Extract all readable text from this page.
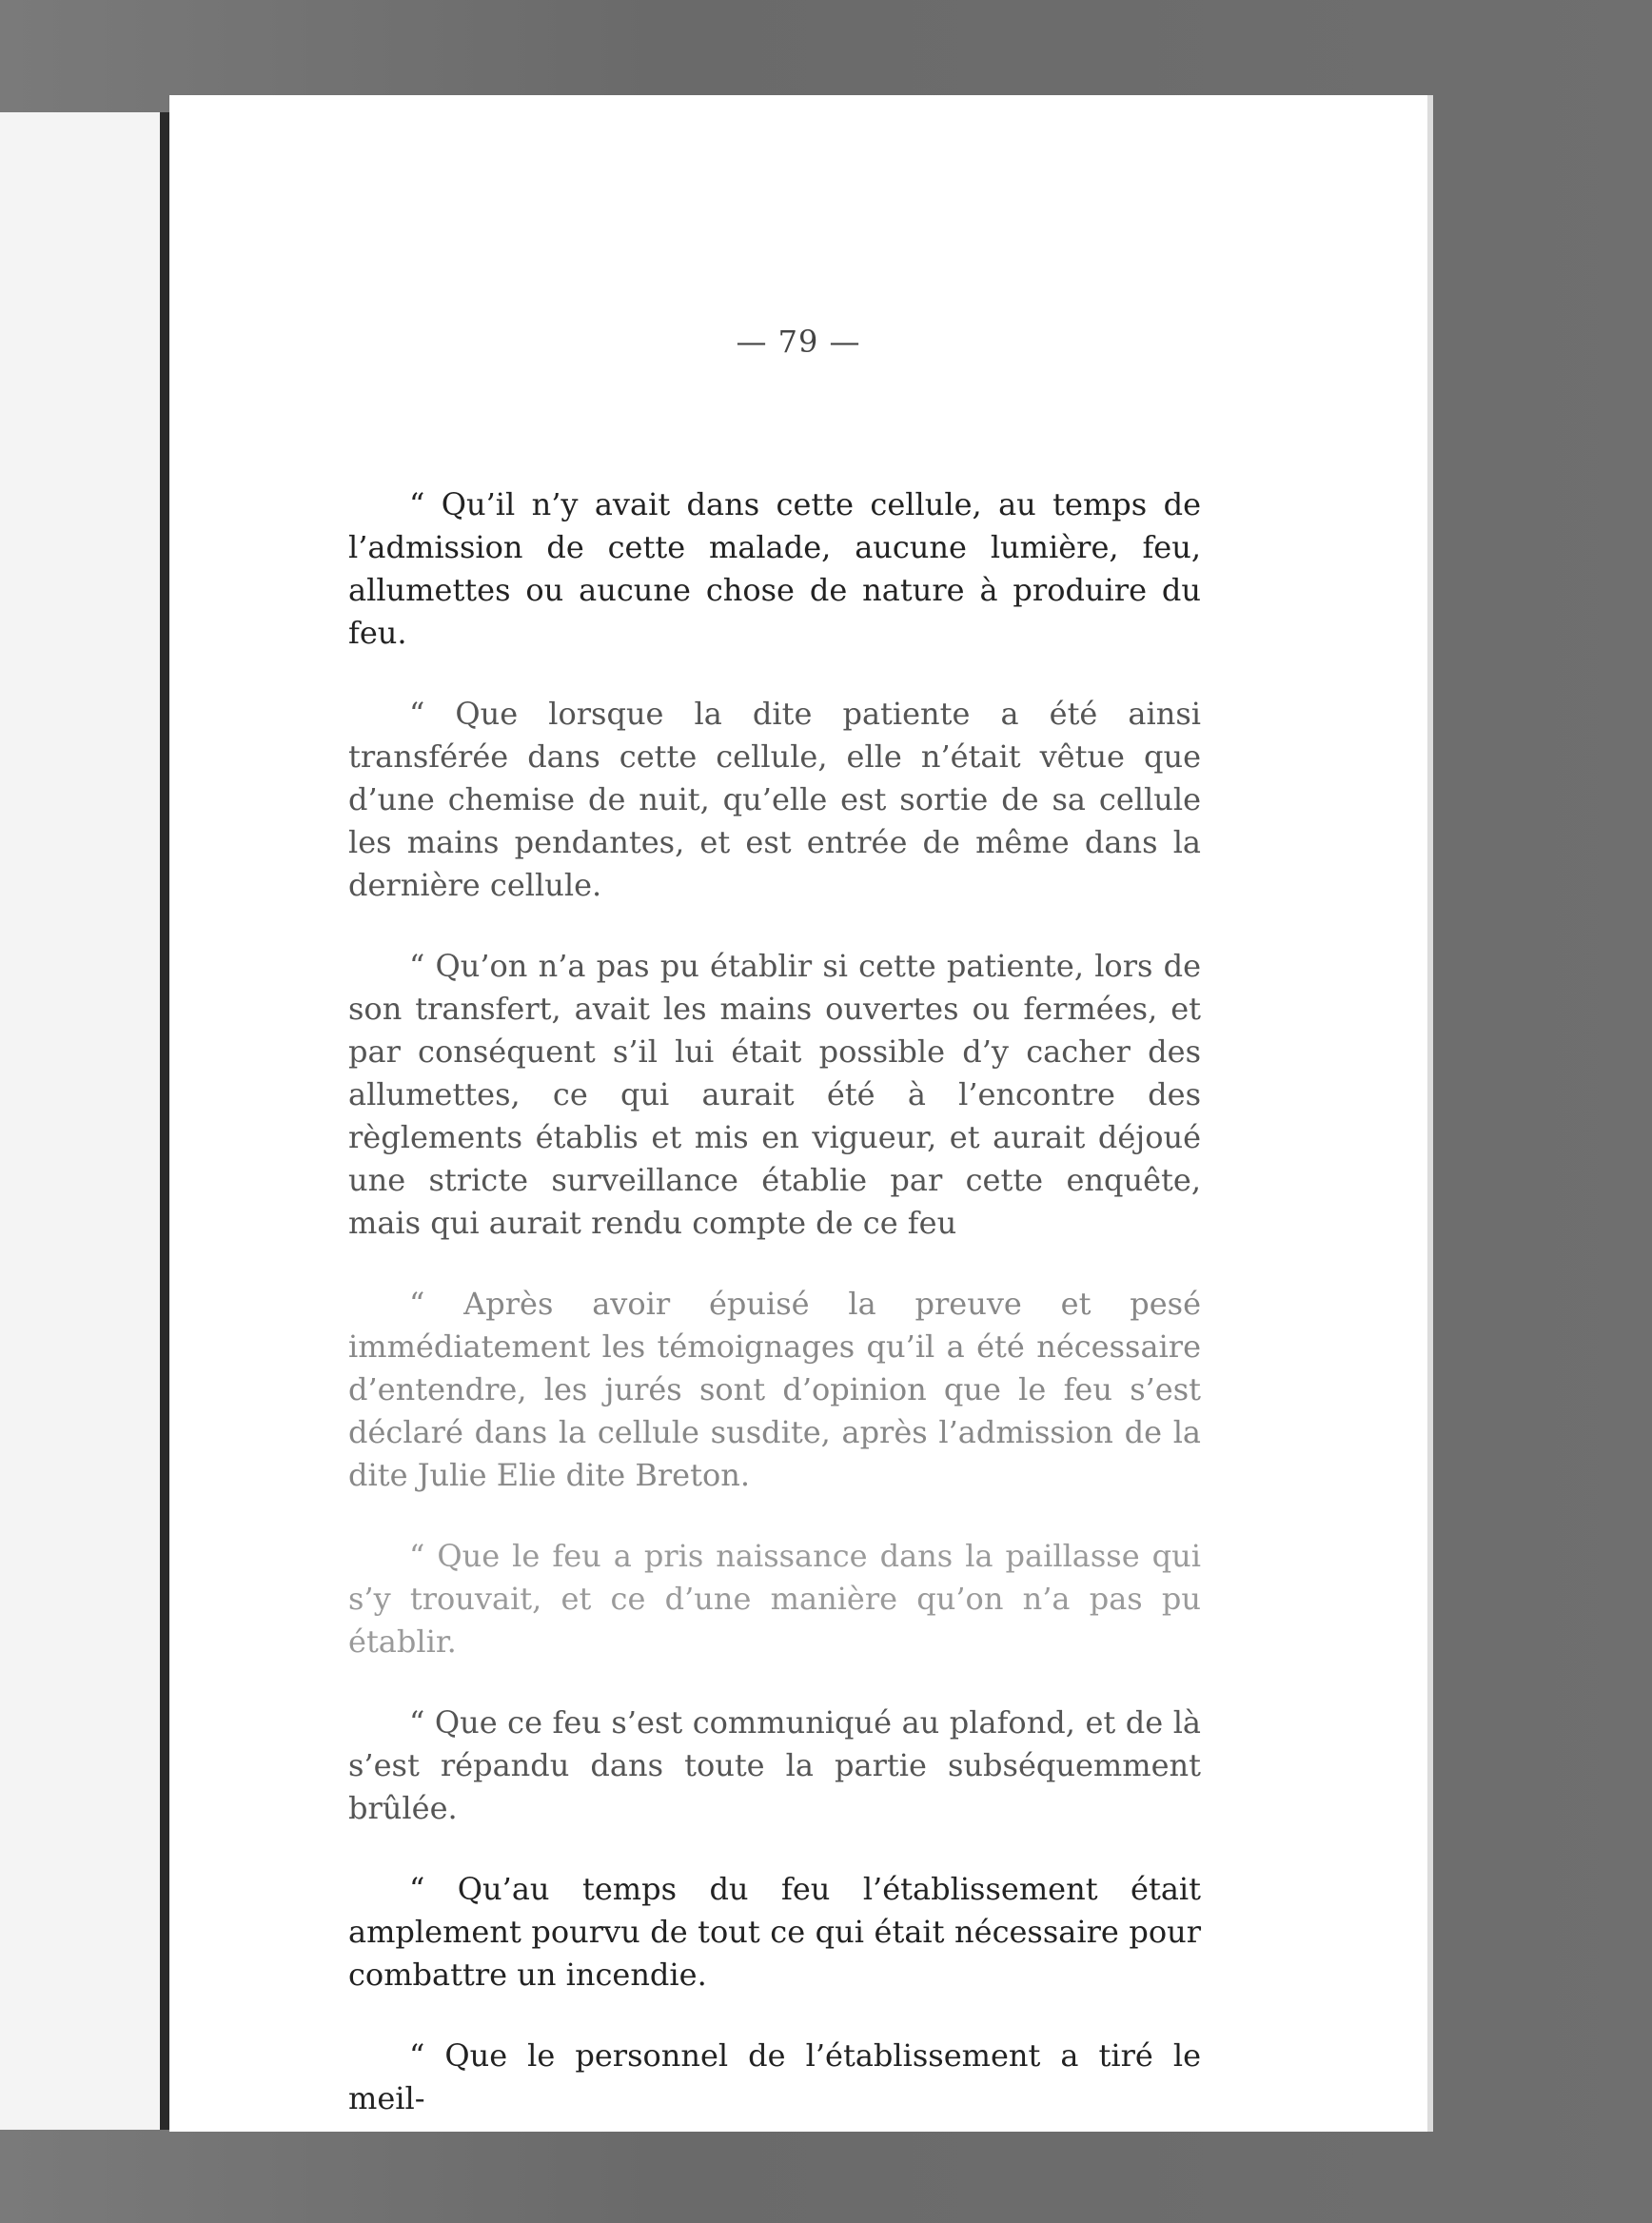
— 79 —

“ Qu’il n’y avait dans cette cellule, au temps de l’admission de cette malade, aucune lumière, feu, allumettes ou aucune chose de nature à produire du feu.

“ Que lorsque la dite patiente a été ainsi transférée dans cette cellule, elle n’était vêtue que d’une chemise de nuit, qu’elle est sortie de sa cellule les mains pendantes, et est entrée de même dans la dernière cellule.

“ Qu’on n’a pas pu établir si cette patiente, lors de son transfert, avait les mains ouvertes ou fermées, et par conséquent s’il lui était possible d’y cacher des allumettes, ce qui aurait été à l’encontre des règlements établis et mis en vigueur, et aurait déjoué une stricte surveillance établie par cette enquête, mais qui aurait rendu compte de ce feu

“ Après avoir épuisé la preuve et pesé immédiatement les témoignages qu’il a été nécessaire d’entendre, les jurés sont d’opinion que le feu s’est déclaré dans la cellule susdite, après l’admission de la dite Julie Elie dite Breton.

“ Que le feu a pris naissance dans la paillasse qui s’y trouvait, et ce d’une manière qu’on n’a pas pu établir.

“ Que ce feu s’est communiqué au plafond, et de là s’est répandu dans toute la partie subséquemment brûlée.

“ Qu’au temps du feu l’établissement était amplement pourvu de tout ce qui était nécessaire pour combattre un incendie.

“ Que le personnel de l’établissement a tiré le meil-
